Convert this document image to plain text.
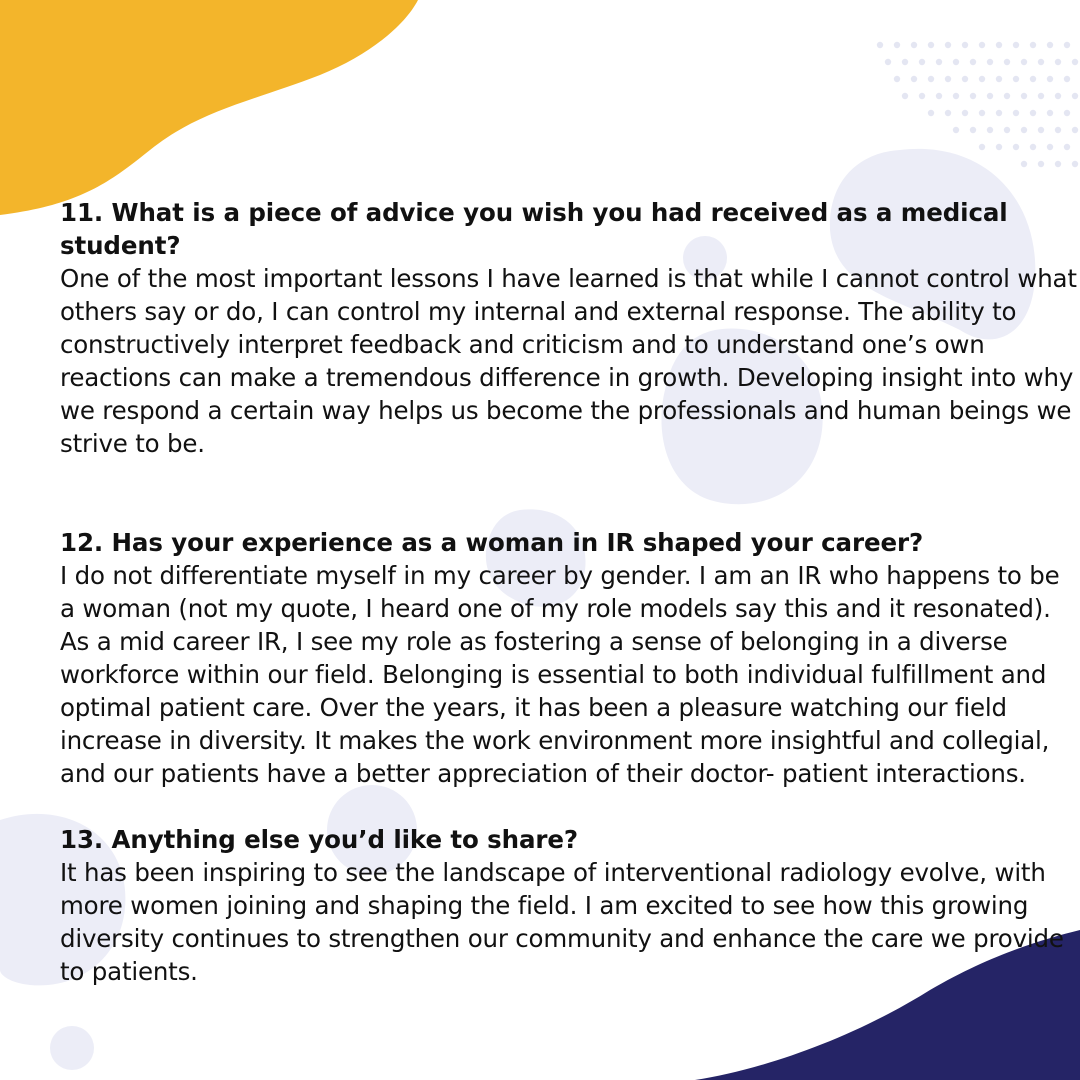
11. What is a piece of advice you wish you had received as a medical student?

One of the most important lessons I have learned is that while I cannot control what others say or do, I can control my internal and external response. The ability to constructively interpret feedback and criticism and to understand one’s own reactions can make a tremendous difference in growth. Developing insight into why we respond a certain way helps us become the professionals and human beings we strive to be.

12. Has your experience as a woman in IR shaped your career?

I do not differentiate myself in my career by gender. I am an IR who happens to be a woman (not my quote, I heard one of my role models say this and it resonated). As a mid career IR, I see my role as fostering a sense of belonging in a diverse workforce within our field. Belonging is essential to both individual fulfillment and optimal patient care. Over the years, it has been a pleasure watching our field increase in diversity. It makes the work environment more insightful and collegial, and our patients have a better appreciation of their doctor- patient interactions.

13. Anything else you’d like to share?

It has been inspiring to see the landscape of interventional radiology evolve, with more women joining and shaping the field. I am excited to see how this growing diversity continues to strengthen our community and enhance the care we provide to patients.
